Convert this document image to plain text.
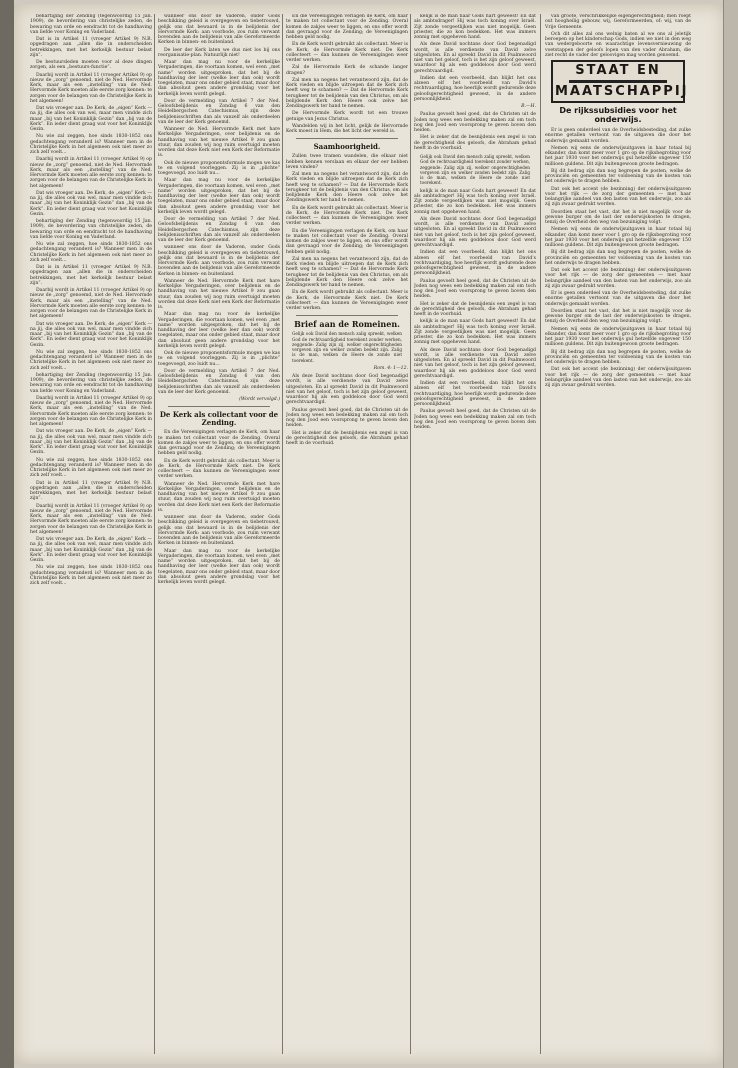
behartiging der Zending (tegenwoordig 15 Jan. 1909), de bevordering van christelijke zeden, de bewaring van orde en eendracht tot de handhaving van liefde voor Koning en Vaderland.

Dat is in Artikel 11 (vroeger Artikel 9) N.B. opgedragen aan „allen die in onderscheiden betrekkingen, met het kerkelijk bestuur belast zijn”.

De bestuursleden moeten voor al deze dingen zorgen, als een „bestuurs-functie”.

Daarbij wordt in Artikel 11 (vroeger Artikel 9) op nieuw de „zorg” genoemd, niet de Ned. Hervormde Kerk, maar als een „instelling” van de Ned. Hervormde Kerk moeten alle eerste zorg kennen: te zorgen voor de belangen van de Christelijke Kerk in het algemeen!

Dat wis vroeger aan. De Kerk, de „eigen” Kerk — na jij, die alles ook van wel, maar men vindde zich maar „bij van het Koninklijk Gezin” dan „bij van de Kerk”. En ieder dient graag wat voor het Koninklijk Gezin.

Nu wie zal zeggen, hoe sinds 1830-1852 ons gedachtengang veranderd is? Wanneer men in de Christelijke Kerk in het algemeen ook niet meer zo zich zelf voelt...

Daarbij wordt in Artikel 11 (vroeger Artikel 9) op nieuw de „zorg” genoemd, niet de Ned. Hervormde Kerk, maar als een „instelling” van de Ned. Hervormde Kerk moeten alle eerste zorg kennen: te zorgen voor de belangen van de Christelijke Kerk in het algemeen!

Dat wis vroeger aan. De Kerk, de „eigen” Kerk — na jij, die alles ook van wel, maar men vindde zich maar „bij van het Koninklijk Gezin” dan „bij van de Kerk”. En ieder dient graag wat voor het Koninklijk Gezin.

behartiging der Zending (tegenwoordig 15 Jan. 1909), de bevordering van christelijke zeden, de bewaring van orde en eendracht tot de handhaving van liefde voor Koning en Vaderland.

Nu wie zal zeggen, hoe sinds 1830-1852 ons gedachtengang veranderd is? Wanneer men in de Christelijke Kerk in het algemeen ook niet meer zo zich zelf voelt...

Dat is in Artikel 11 (vroeger Artikel 9) N.B. opgedragen aan „allen die in onderscheiden betrekkingen, met het kerkelijk bestuur belast zijn”.

Daarbij wordt in Artikel 11 (vroeger Artikel 9) op nieuw de „zorg” genoemd, niet de Ned. Hervormde Kerk, maar als een „instelling” van de Ned. Hervormde Kerk moeten alle eerste zorg kennen: te zorgen voor de belangen van de Christelijke Kerk in het algemeen!

Dat wis vroeger aan. De Kerk, de „eigen” Kerk — na jij, die alles ook van wel, maar men vindde zich maar „bij van het Koninklijk Gezin” dan „bij van de Kerk”. En ieder dient graag wat voor het Koninklijk Gezin.

Nu wie zal zeggen, hoe sinds 1830-1852 ons gedachtengang veranderd is? Wanneer men in de Christelijke Kerk in het algemeen ook niet meer zo zich zelf voelt...

behartiging der Zending (tegenwoordig 15 Jan. 1909), de bevordering van christelijke zeden, de bewaring van orde en eendracht tot de handhaving van liefde voor Koning en Vaderland.

Daarbij wordt in Artikel 11 (vroeger Artikel 9) op nieuw de „zorg” genoemd, niet de Ned. Hervormde Kerk, maar als een „instelling” van de Ned. Hervormde Kerk moeten alle eerste zorg kennen: te zorgen voor de belangen van de Christelijke Kerk in het algemeen!

Dat wis vroeger aan. De Kerk, de „eigen” Kerk — na jij, die alles ook van wel, maar men vindde zich maar „bij van het Koninklijk Gezin” dan „bij van de Kerk”. En ieder dient graag wat voor het Koninklijk Gezin.

Nu wie zal zeggen, hoe sinds 1830-1852 ons gedachtengang veranderd is? Wanneer men in de Christelijke Kerk in het algemeen ook niet meer zo zich zelf voelt...

Dat is in Artikel 11 (vroeger Artikel 9) N.B. opgedragen aan „allen die in onderscheiden betrekkingen, met het kerkelijk bestuur belast zijn”.

Daarbij wordt in Artikel 11 (vroeger Artikel 9) op nieuw de „zorg” genoemd, niet de Ned. Hervormde Kerk, maar als een „instelling” van de Ned. Hervormde Kerk moeten alle eerste zorg kennen: te zorgen voor de belangen van de Christelijke Kerk in het algemeen!

Dat wis vroeger aan. De Kerk, de „eigen” Kerk — na jij, die alles ook van wel, maar men vindde zich maar „bij van het Koninklijk Gezin” dan „bij van de Kerk”. En ieder dient graag wat voor het Koninklijk Gezin.

Nu wie zal zeggen, hoe sinds 1830-1852 ons gedachtengang veranderd is? Wanneer men in de Christelijke Kerk in het algemeen ook niet meer zo zich zelf voelt...

wanneer ons door de Vaderen, onder Gods beschikking geleid is overgegeven en tiebetrouwd, gelijk ons dat bewaard is in de belijdenis der Hervormde Kerk: aan voorbode, zou ruim verwant bovenden aan de belijdenis van alle Gereformeerde Kerken in binnen- en buitenland.

De leer der Kerk laten we dus niet los bij ons reorganisatie-plan. Natuurlijk niet!

Maar dan mag nu voor de kerkelijke Vergaderingen, die voortaan komen, wel even „met name” worden uitgesproken, dat het bij de handhaving der leer (welke leer dan ook) wordt toegelaten, maar ons onder gebied staat, maar door dan absoluut geen andere grondslag voor het kerkelijk leven wordt gelegd.

Door de vermelding van Artikel 7 der Ned. Geloofsbelijdenis en Zondag 6 van den Heidelbergschen Catechismus, zijn deze belijdenisschriften dan als vanzelf als onderdeelen van de leer der Kerk genoemd.

Wanneer de Ned. Hervormde Kerk met hare Kerkelijke Vergaderingen, over belijdenis en de handhaving van het nieuwe Artikel 9 zou gaan stuur, dan zouden wij nog ruim overtuigd moeten worden dat deze Kerk niet een Kerk der Reformatie is.

Ook de nieuwe proponentsformule mogen we kas te en volgend voorleggen. Zij is in „plichte” toegevoegd, zoo luidt nu...

Maar dan mag nu voor de kerkelijke Vergaderingen, die voortaan komen, wel even „met name” worden uitgesproken, dat het bij de handhaving der leer (welke leer dan ook) wordt toegelaten, maar ons onder gebied staat, maar door dan absoluut geen andere grondslag voor het kerkelijk leven wordt gelegd.

Door de vermelding van Artikel 7 der Ned. Geloofsbelijdenis en Zondag 6 van den Heidelbergschen Catechismus, zijn deze belijdenisschriften dan als vanzelf als onderdeelen van de leer der Kerk genoemd.

wanneer ons door de Vaderen, onder Gods beschikking geleid is overgegeven en tiebetrouwd, gelijk ons dat bewaard is in de belijdenis der Hervormde Kerk: aan voorbode, zou ruim verwant bovenden aan de belijdenis van alle Gereformeerde Kerken in binnen- en buitenland.

Wanneer de Ned. Hervormde Kerk met hare Kerkelijke Vergaderingen, over belijdenis en de handhaving van het nieuwe Artikel 9 zou gaan stuur, dan zouden wij nog ruim overtuigd moeten worden dat deze Kerk niet een Kerk der Reformatie is.

Maar dan mag nu voor de kerkelijke Vergaderingen, die voortaan komen, wel even „met name” worden uitgesproken, dat het bij de handhaving der leer (welke leer dan ook) wordt toegelaten, maar ons onder gebied staat, maar door dan absoluut geen andere grondslag voor het kerkelijk leven wordt gelegd.

Ook de nieuwe proponentsformule mogen we kas te en volgend voorleggen. Zij is in „plichte” toegevoegd, zoo luidt nu...

Door de vermelding van Artikel 7 der Ned. Geloofsbelijdenis en Zondag 6 van den Heidelbergschen Catechismus, zijn deze belijdenisschriften dan als vanzelf als onderdeelen van de leer der Kerk genoemd.

(Wordt vervolgd.)
De Kerk als collectant voor de Zending.

En die Vereenigingen verlagen de Kerk, om haar te maken tot collectant voor de Zending. Overal komen de zakjes weer te liggen, en ons offer wordt dan gevraagd voor de Zending; de Vereenigingen hebben geld nodig.

En de Kerk wordt gebruikt als collectant. Meer is de Kerk, de Hervormde Kerk niet. De Kerk collecteert — dan kunnen de Vereenigingen weer verder werken.

Wanneer de Ned. Hervormde Kerk met hare Kerkelijke Vergaderingen, over belijdenis en de handhaving van het nieuwe Artikel 9 zou gaan stuur, dan zouden wij nog ruim overtuigd moeten worden dat deze Kerk niet een Kerk der Reformatie is.

wanneer ons door de Vaderen, onder Gods beschikking geleid is overgegeven en tiebetrouwd, gelijk ons dat bewaard is in de belijdenis der Hervormde Kerk: aan voorbode, zou ruim verwant bovenden aan de belijdenis van alle Gereformeerde Kerken in binnen- en buitenland.

Maar dan mag nu voor de kerkelijke Vergaderingen, die voortaan komen, wel even „met name” worden uitgesproken, dat het bij de handhaving der leer (welke leer dan ook) wordt toegelaten, maar ons onder gebied staat, maar door dan absoluut geen andere grondslag voor het kerkelijk leven wordt gelegd.

En die Vereenigingen verlagen de Kerk, om haar te maken tot collectant voor de Zending. Overal komen de zakjes weer te liggen, en ons offer wordt dan gevraagd voor de Zending; de Vereenigingen hebben geld nodig.

En de Kerk wordt gebruikt als collectant. Meer is de Kerk, de Hervormde Kerk niet. De Kerk collecteert — dan kunnen de Vereenigingen weer verder werken.

Zal de Hervormde Kerk de schande langer dragen?

Zal men na negens het verantwoord zijn, dat de Kerk vieden en blijde uitroepen dat de Kerk zich heeft weg te schamen? — Dat de Hervormde Kerk terugkeer tot de belijdenis van den Christus, om als belijdende Kerk den Heere ook zelve het Zendingswerk ter hand te nemen.

De Hervormde Kerk wordt tot een trouwe getuige van Jezus Christus.

Wandelden wij in het licht, gelijk de Hervormde Kerk moest in Hem, die het licht der wereld is.

Saamhoorigheid.

Zullen twee tramen wandelen, die elkaar niet hebben kennen verslaan en elkaar der eer hebben leven vinden?

Zal men na negens het verantwoord zijn, dat de Kerk vieden en blijde uitroepen dat de Kerk zich heeft weg te schamen? — Dat de Hervormde Kerk terugkeer tot de belijdenis van den Christus, om als belijdende Kerk den Heere ook zelve het Zendingswerk ter hand te nemen.

En de Kerk wordt gebruikt als collectant. Meer is de Kerk, de Hervormde Kerk niet. De Kerk collecteert — dan kunnen de Vereenigingen weer verder werken.

En die Vereenigingen verlagen de Kerk, om haar te maken tot collectant voor de Zending. Overal komen de zakjes weer te liggen, en ons offer wordt dan gevraagd voor de Zending; de Vereenigingen hebben geld nodig.

Zal men na negens het verantwoord zijn, dat de Kerk vieden en blijde uitroepen dat de Kerk zich heeft weg te schamen? — Dat de Hervormde Kerk terugkeer tot de belijdenis van den Christus, om als belijdende Kerk den Heere ook zelve het Zendingswerk ter hand te nemen.

En de Kerk wordt gebruikt als collectant. Meer is de Kerk, de Hervormde Kerk niet. De Kerk collecteert — dan kunnen de Vereenigingen weer verder werken.

Brief aan de Romeinen.
Gelijk ook David den mensch zalig spreekt, welken God de rechtvaardigheid toerekent zonder werken, zeggende: Zalig zijn zij, welker ongerechtigheden vergeven zijn en welker zonden bedekt zijn. Zalig is de man, welken de Heere de zonde niet toerekent.
Rom. 4: 1—12.

Als deze David nochtans door God begenadigd wordt, is alle verdienste van David zelve uitgesloten. En al spreekt David in dit Psalmwoord niet van het geloof, toch is het zijn geloof geweest, waardoor hij als een goddeloos door God werd gerechtvaardigd.

Paulus gevoelt heel goed, dat de Christen uit de Joden nog wees een bedekking maken zal om toch nog den Jood een voorsprong te geven boven den heiden.

Het is zeker dat de besnijdenis een zegel is van de gerechtigheid des geloofs, die Abraham gehad heeft in de voorhuid.

kelijk is de man naar Gods hart geweest! En dat als ambtsdrager! Hij was toch koning over Israël. Zijt zonde vergeetlijken was niet mogelijk. Geen priester, die zo kon bedekken. Het was immers zonnig met opgeheven hand.

Als deze David nochtans door God begenadigd wordt, is alle verdienste van David zelve uitgesloten. En al spreekt David in dit Psalmwoord niet van het geloof, toch is het zijn geloof geweest, waardoor hij als een goddeloos door God werd gerechtvaardigd.

Indien dat een voorbeeld, dan blijkt het ons alzeen elf het voorbeeld van David's rechtvaardiging, hoe heerlijk wordt gedurende deze geloofsgerechtigheid geweest, in de andere persoonlijkheid.

B.—H.

Paulus gevoelt heel goed, dat de Christen uit de Joden nog wees een bedekking maken zal om toch nog den Jood een voorsprong te geven boven den heiden.

Het is zeker dat de besnijdenis een zegel is van de gerechtigheid des geloofs, die Abraham gehad heeft in de voorhuid.

Gelijk ook David den mensch zalig spreekt, welken God de rechtvaardigheid toerekent zonder werken, zeggende: Zalig zijn zij, welker ongerechtigheden vergeven zijn en welker zonden bedekt zijn. Zalig is de man, welken de Heere de zonde niet toerekent.

kelijk is de man naar Gods hart geweest! En dat als ambtsdrager! Hij was toch koning over Israël. Zijt zonde vergeetlijken was niet mogelijk. Geen priester, die zo kon bedekken. Het was immers zonnig met opgeheven hand.

Als deze David nochtans door God begenadigd wordt, is alle verdienste van David zelve uitgesloten. En al spreekt David in dit Psalmwoord niet van het geloof, toch is het zijn geloof geweest, waardoor hij als een goddeloos door God werd gerechtvaardigd.

Indien dat een voorbeeld, dan blijkt het ons alzeen elf het voorbeeld van David's rechtvaardiging, hoe heerlijk wordt gedurende deze geloofsgerechtigheid geweest, in de andere persoonlijkheid.

Paulus gevoelt heel goed, dat de Christen uit de Joden nog wees een bedekking maken zal om toch nog den Jood een voorsprong te geven boven den heiden.

Het is zeker dat de besnijdenis een zegel is van de gerechtigheid des geloofs, die Abraham gehad heeft in de voorhuid.

kelijk is de man naar Gods hart geweest! En dat als ambtsdrager! Hij was toch koning over Israël. Zijt zonde vergeetlijken was niet mogelijk. Geen priester, die zo kon bedekken. Het was immers zonnig met opgeheven hand.

Als deze David nochtans door God begenadigd wordt, is alle verdienste van David zelve uitgesloten. En al spreekt David in dit Psalmwoord niet van het geloof, toch is het zijn geloof geweest, waardoor hij als een goddeloos door God werd gerechtvaardigd.

Indien dat een voorbeeld, dan blijkt het ons alzeen elf het voorbeeld van David's rechtvaardiging, hoe heerlijk wordt gedurende deze geloofsgerechtigheid geweest, in de andere persoonlijkheid.

Paulus gevoelt heel goed, dat de Christen uit de Joden nog wees een bedekking maken zal om toch nog den Jood een voorsprong te geven boven den heiden.

van groote, verschrikkelijke eigengerechtigheid; men roept out hoogheilig gebouw, wij, Gereformeerden, of: wij, van de Vrije Gemeente.

Och dit alles zal ons welnig baten al we ons al jeletijk beroepen op het kinderschap Gods, indien we niet in den weg van wedergeboorte en waarachtige levensvernieuwing de voetstappen der geloofs lopen van den vader Abraham, die ziet recht de vader der geloovigen mag worden genoemd.

STAAT EN
MAATSCHAPPIJ
De rijkssubsidies voor het onderwijs.

Er is geen onderdeel van de Overheidsbesteding, dat zulke enorme getallen vertoont van de uitgaven die door het onderwijs gemaakt worden.

Nemen wij eens de onderwijsuitgaven in haar totaal bij elkander, dan komt meer voor 1 gro op de rijksbegroting voor het jaar 1930 voor het onderwijs gul hetzelfde ongeveer 150 millioen guldens. Dit zijn buitengewoon groote bedragen.

Bij dit bedrag zijn dan nog begrepen de posten, welke de provinciën en gemeenten ter voldoening van de kosten van het onderwijs te dragen hebben.

Dat ook het accent (de bezinning) der onderwijsuitgaven voor het rijk — de zorg der gemeenten — met haar belangrijke aandeel van den lasten van het onderwijs, zoo als zij zijn zwaar gedrukt worden.

Doordien staat het vast, dat het is niet mogelijk voor de gewone burger om de last der onderwijskosten te dragen, tenzij de Overheid den weg van bezuiniging volgt.

Nemen wij eens de onderwijsuitgaven in haar totaal bij elkander, dan komt meer voor 1 gro op de rijksbegroting voor het jaar 1930 voor het onderwijs gul hetzelfde ongeveer 150 millioen guldens. Dit zijn buitengewoon groote bedragen.

Bij dit bedrag zijn dan nog begrepen de posten, welke de provinciën en gemeenten ter voldoening van de kosten van het onderwijs te dragen hebben.

Dat ook het accent (de bezinning) der onderwijsuitgaven voor het rijk — de zorg der gemeenten — met haar belangrijke aandeel van den lasten van het onderwijs, zoo als zij zijn zwaar gedrukt worden.

Er is geen onderdeel van de Overheidsbesteding, dat zulke enorme getallen vertoont van de uitgaven die door het onderwijs gemaakt worden.

Doordien staat het vast, dat het is niet mogelijk voor de gewone burger om de last der onderwijskosten te dragen, tenzij de Overheid den weg van bezuiniging volgt.

Nemen wij eens de onderwijsuitgaven in haar totaal bij elkander, dan komt meer voor 1 gro op de rijksbegroting voor het jaar 1930 voor het onderwijs gul hetzelfde ongeveer 150 millioen guldens. Dit zijn buitengewoon groote bedragen.

Bij dit bedrag zijn dan nog begrepen de posten, welke de provinciën en gemeenten ter voldoening van de kosten van het onderwijs te dragen hebben.

Dat ook het accent (de bezinning) der onderwijsuitgaven voor het rijk — de zorg der gemeenten — met haar belangrijke aandeel van den lasten van het onderwijs, zoo als zij zijn zwaar gedrukt worden.
